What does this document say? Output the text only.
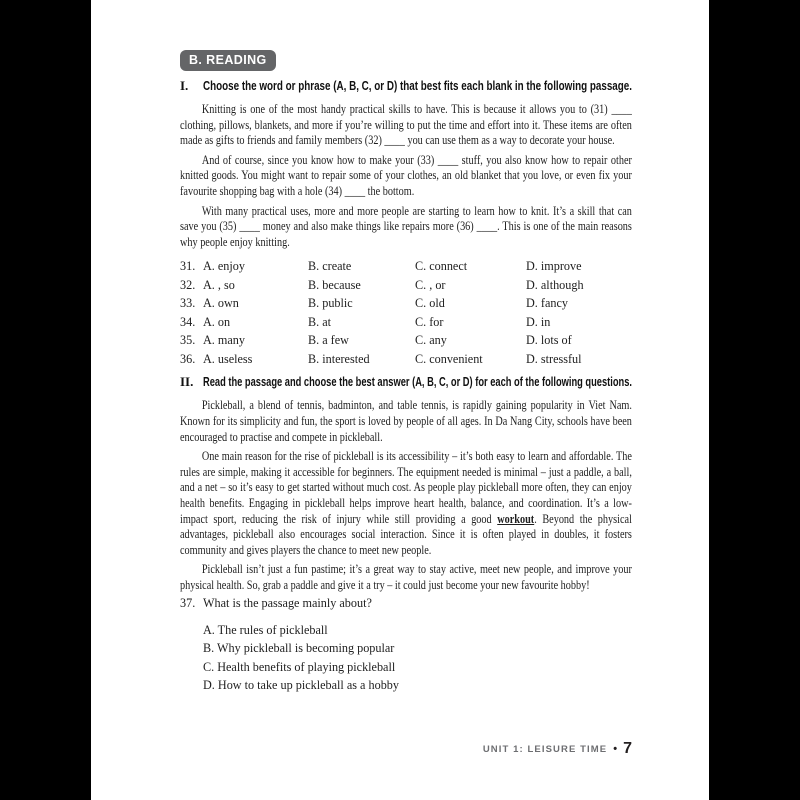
B. READING
I.	Choose the word or phrase (A, B, C, or D) that best fits each blank in the following passage.

Knitting is one of the most handy practical skills to have. This is because it allows you to (31) ____ clothing, pillows, blankets, and more if you’re willing to put the time and effort into it. These items are often made as gifts to friends and family members (32) ____ you can use them as a way to decorate your house.

And of course, since you know how to make your (33) ____ stuff, you also know how to repair other knitted goods. You might want to repair some of your clothes, an old blanket that you love, or even fix your favourite shopping bag with a hole (34) ____ the bottom.

With many practical uses, more and more people are starting to learn how to knit. It’s a skill that can save you (35) ____ money and also make things like repairs more (36) ____. This is one of the main reasons why people enjoy knitting.

31. A. enjoy	B. create	C. connect	D. improve
32. A. , so	B. because	C. , or	D. although
33. A. own	B. public	C. old	D. fancy
34. A. on	B. at	C. for	D. in
35. A. many	B. a few	C. any	D. lots of
36. A. useless	B. interested	C. convenient	D. stressful
II. Read the passage and choose the best answer (A, B, C, or D) for each of the following questions.

Pickleball, a blend of tennis, badminton, and table tennis, is rapidly gaining popularity in Viet Nam. Known for its simplicity and fun, the sport is loved by people of all ages. In Da Nang City, schools have been encouraged to practise and compete in pickleball.

One main reason for the rise of pickleball is its accessibility – it’s both easy to learn and affordable. The rules are simple, making it accessible for beginners. The equipment needed is minimal – just a paddle, a ball, and a net – so it’s easy to get started without much cost. As people play pickleball more often, they can enjoy health benefits. Engaging in pickleball helps improve heart health, balance, and coordination. It’s a low-impact sport, reducing the risk of injury while still providing a good workout. Beyond the physical advantages, pickleball also encourages social interaction. Since it is often played in doubles, it fosters community and gives players the chance to meet new people.

Pickleball isn’t just a fun pastime; it’s a great way to stay active, meet new people, and improve your physical health. So, grab a paddle and give it a try – it could just become your new favourite hobby!

37. What is the passage mainly about?
A. The rules of pickleball
B. Why pickleball is becoming popular
C. Health benefits of playing pickleball
D. How to take up pickleball as a hobby
UNIT 1: LEISURE TIME • 7
